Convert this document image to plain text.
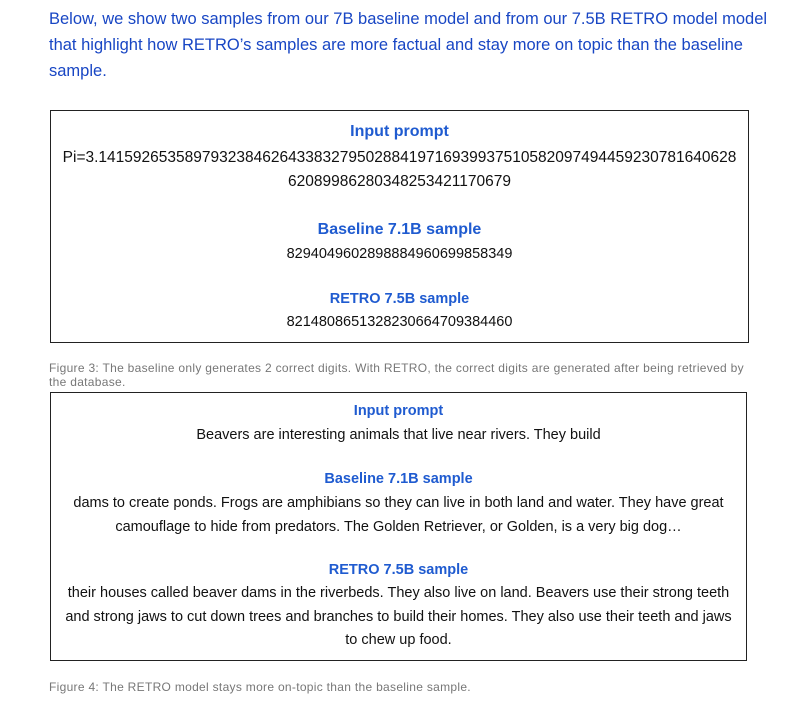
Below, we show two samples from our 7B baseline model and from our 7.5B RETRO model model that highlight how RETRO’s samples are more factual and stay more on topic than the baseline sample.

Input prompt

Pi=3.1415926535897932384626433832795028841971693993751058209749445923078164062862089986280348253421170679

Baseline 7.1B sample

8294049602898884960699858349

RETRO 7.5B sample

8214808651328230664709384460

Figure 3: The baseline only generates 2 correct digits. With RETRO, the correct digits are generated after being retrieved by the database.

Input prompt

Beavers are interesting animals that live near rivers. They build

Baseline 7.1B sample

dams to create ponds. Frogs are amphibians so they can live in both land and water. They have great camouflage to hide from predators. The Golden Retriever, or Golden, is a very big dog…

RETRO 7.5B sample

their houses called beaver dams in the riverbeds. They also live on land. Beavers use their strong teeth and strong jaws to cut down trees and branches to build their homes. They also use their teeth and jaws to chew up food.

Figure 4: The RETRO model stays more on-topic than the baseline sample.
